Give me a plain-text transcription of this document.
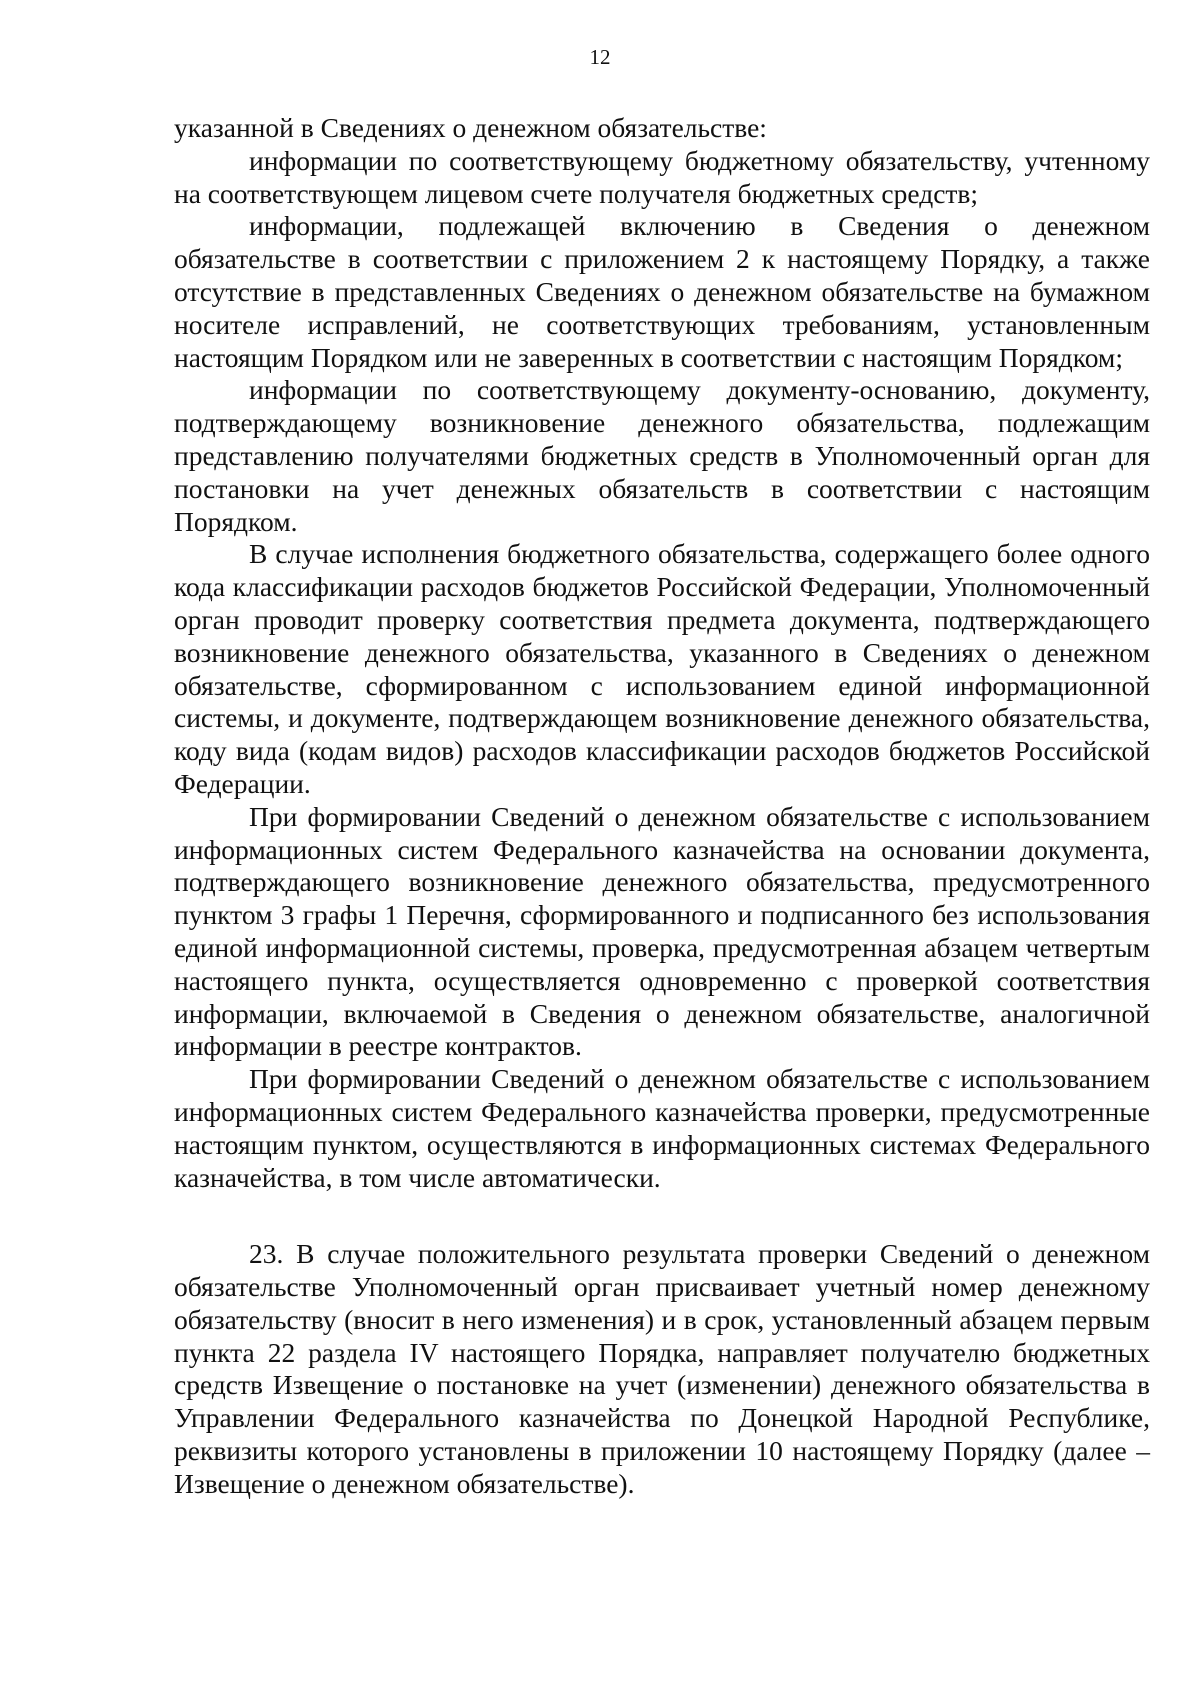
12

указанной в Сведениях о денежном обязательстве:

информации по соответствующему бюджетному обязательству, учтенному на соответствующем лицевом счете получателя бюджетных средств;

информации, подлежащей включению в Сведения о денежном обязательстве в соответствии с приложением 2 к настоящему Порядку, а также отсутствие в представленных Сведениях о денежном обязательстве на бумажном носителе исправлений, не соответствующих требованиям, установленным настоящим Порядком или не заверенных в соответствии с настоящим Порядком;

информации по соответствующему документу-основанию, документу, подтверждающему возникновение денежного обязательства, подлежащим представлению получателями бюджетных средств в Уполномоченный орган для постановки на учет денежных обязательств в соответствии с настоящим Порядком.

В случае исполнения бюджетного обязательства, содержащего более одного кода классификации расходов бюджетов Российской Федерации, Уполномоченный орган проводит проверку соответствия предмета документа, подтверждающего возникновение денежного обязательства, указанного в Сведениях о денежном обязательстве, сформированном с использованием единой информационной системы, и документе, подтверждающем возникновение денежного обязательства, коду вида (кодам видов) расходов классификации расходов бюджетов Российской Федерации.

При формировании Сведений о денежном обязательстве с использованием информационных систем Федерального казначейства на основании документа, подтверждающего возникновение денежного обязательства, предусмотренного пунктом 3 графы 1 Перечня, сформированного и подписанного без использования единой информационной системы, проверка, предусмотренная абзацем четвертым настоящего пункта, осуществляется одновременно с проверкой соответствия информации, включаемой в Сведения о денежном обязательстве, аналогичной информации в реестре контрактов.

При формировании Сведений о денежном обязательстве с использованием информационных систем Федерального казначейства проверки, предусмотренные настоящим пунктом, осуществляются в информационных системах Федерального казначейства, в том числе автоматически.

23. В случае положительного результата проверки Сведений о денежном обязательстве Уполномоченный орган присваивает учетный номер денежному обязательству (вносит в него изменения) и в срок, установленный абзацем первым пункта 22 раздела IV настоящего Порядка, направляет получателю бюджетных средств Извещение о постановке на учет (изменении) денежного обязательства в Управлении Федерального казначейства по Донецкой Народной Республике, реквизиты которого установлены в приложении 10 настоящему Порядку (далее – Извещение о денежном обязательстве).
